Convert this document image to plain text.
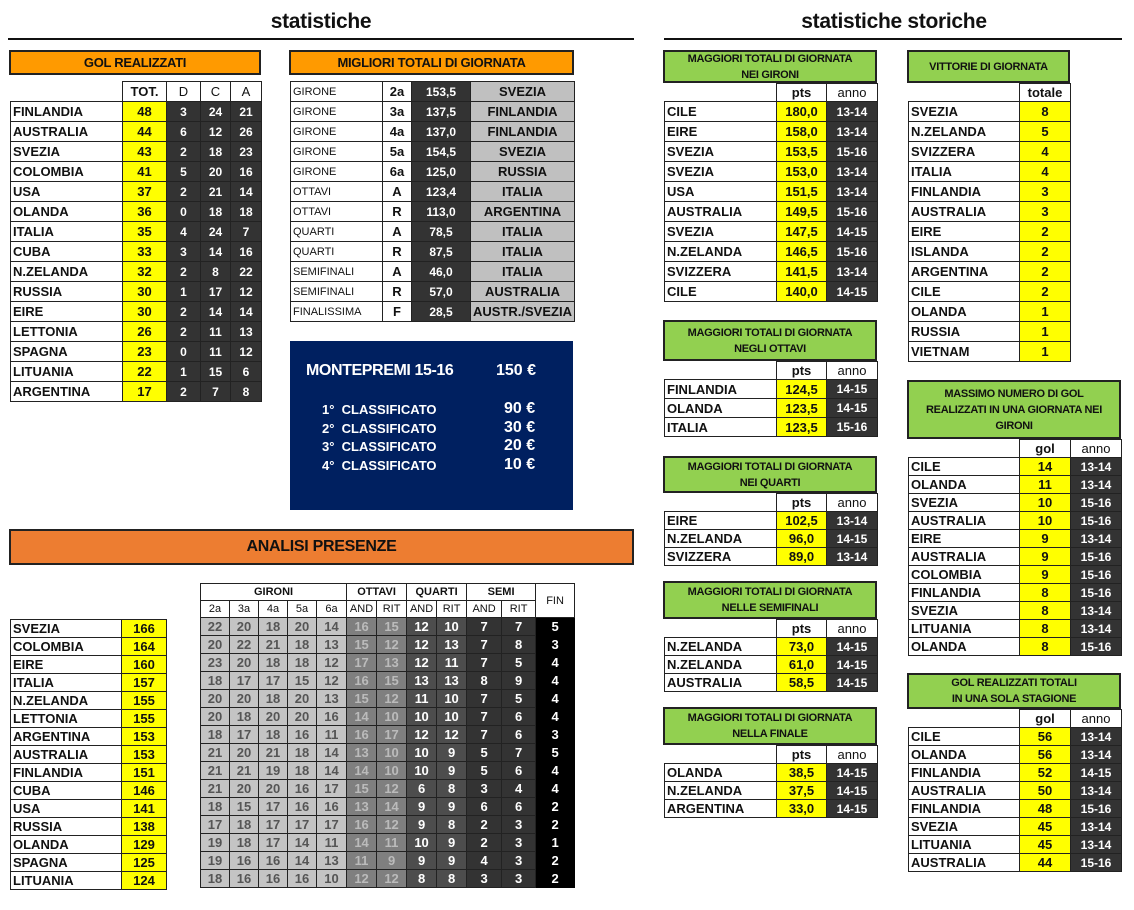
statistiche	statistiche storiche
GOL REALIZZATI
	TOT.	D	C	A
FINLANDIA	48	3	24	21
AUSTRALIA	44	6	12	26
SVEZIA	43	2	18	23
COLOMBIA	41	5	20	16
USA	37	2	21	14
OLANDA	36	0	18	18
ITALIA	35	4	24	7
CUBA	33	3	14	16
N.ZELANDA	32	2	8	22
RUSSIA	30	1	17	12
EIRE	30	2	14	14
LETTONIA	26	2	11	13
SPAGNA	23	0	11	12
LITUANIA	22	1	15	6
ARGENTINA	17	2	7	8
MIGLIORI TOTALI DI GIORNATA
GIRONE	2a	153,5	SVEZIA
GIRONE	3a	137,5	FINLANDIA
GIRONE	4a	137,0	FINLANDIA
GIRONE	5a	154,5	SVEZIA
GIRONE	6a	125,0	RUSSIA
OTTAVI	A	123,4	ITALIA
OTTAVI	R	113,0	ARGENTINA
QUARTI	A	78,5	ITALIA
QUARTI	R	87,5	ITALIA
SEMIFINALI	A	46,0	ITALIA
SEMIFINALI	R	57,0	AUSTRALIA
FINALISSIMA	F	28,5	AUSTR./SVEZIA
MONTEPREMI 15-16	150 €
1°  CLASSIFICATO	90 €
2°  CLASSIFICATO	30 €
3°  CLASSIFICATO	20 €
4°  CLASSIFICATO	10 €
ANALISI PRESENZE
SVEZIA	166
COLOMBIA	164
EIRE	160
ITALIA	157
N.ZELANDA	155
LETTONIA	155
ARGENTINA	153
AUSTRALIA	153
FINLANDIA	151
CUBA	146
USA	141
RUSSIA	138
OLANDA	129
SPAGNA	125
LITUANIA	124
GIRONI					OTTAVI		QUARTI		SEMI		FIN
2a	3a	4a	5a	6a	AND	RIT	AND	RIT	AND	RIT	
22	20	18	20	14	16	15	12	10	7	7	5
20	22	21	18	13	15	12	12	13	7	8	3
23	20	18	18	12	17	13	12	11	7	5	4
18	17	17	15	12	16	15	13	13	8	9	4
20	20	18	20	13	15	12	11	10	7	5	4
20	18	20	20	16	14	10	10	10	7	6	4
18	17	18	16	11	16	17	12	12	7	6	3
21	20	21	18	14	13	10	10	9	5	7	5
21	21	19	18	14	14	10	10	9	5	6	4
21	20	20	16	17	15	12	6	8	3	4	4
18	15	17	16	16	13	14	9	9	6	6	2
17	18	17	17	17	16	12	9	8	2	3	2
19	18	17	14	11	14	11	10	9	2	3	1
19	16	16	14	13	11	9	9	9	4	3	2
18	16	16	16	10	12	12	8	8	3	3	2
MAGGIORI TOTALI DI GIORNATA
NEI GIRONI
	pts	anno
CILE	180,0	13-14
EIRE	158,0	13-14
SVEZIA	153,5	15-16
SVEZIA	153,0	13-14
USA	151,5	13-14
AUSTRALIA	149,5	15-16
SVEZIA	147,5	14-15
N.ZELANDA	146,5	15-16
SVIZZERA	141,5	13-14
CILE	140,0	14-15
MAGGIORI TOTALI DI GIORNATA
NEGLI OTTAVI
	pts	anno
FINLANDIA	124,5	14-15
OLANDA	123,5	14-15
ITALIA	123,5	15-16
MAGGIORI TOTALI DI GIORNATA
NEI QUARTI
	pts	anno
EIRE	102,5	13-14
N.ZELANDA	96,0	14-15
SVIZZERA	89,0	13-14
MAGGIORI TOTALI DI GIORNATA
NELLE SEMIFINALI
	pts	anno
N.ZELANDA	73,0	14-15
N.ZELANDA	61,0	14-15
AUSTRALIA	58,5	14-15
MAGGIORI TOTALI DI GIORNATA
NELLA FINALE
	pts	anno
OLANDA	38,5	14-15
N.ZELANDA	37,5	14-15
ARGENTINA	33,0	14-15
VITTORIE DI GIORNATA
	totale
SVEZIA	8
N.ZELANDA	5
SVIZZERA	4
ITALIA	4
FINLANDIA	3
AUSTRALIA	3
EIRE	2
ISLANDA	2
ARGENTINA	2
CILE	2
OLANDA	1
RUSSIA	1
VIETNAM	1
MASSIMO NUMERO DI GOL
REALIZZATI IN UNA GIORNATA NEI
GIRONI
	gol	anno
CILE	14	13-14
OLANDA	11	13-14
SVEZIA	10	15-16
AUSTRALIA	10	15-16
EIRE	9	13-14
AUSTRALIA	9	15-16
COLOMBIA	9	15-16
FINLANDIA	8	15-16
SVEZIA	8	13-14
LITUANIA	8	13-14
OLANDA	8	15-16
GOL REALIZZATI TOTALI
IN UNA SOLA STAGIONE
	gol	anno
CILE	56	13-14
OLANDA	56	13-14
FINLANDIA	52	14-15
AUSTRALIA	50	13-14
FINLANDIA	48	15-16
SVEZIA	45	13-14
LITUANIA	45	13-14
AUSTRALIA	44	15-16
